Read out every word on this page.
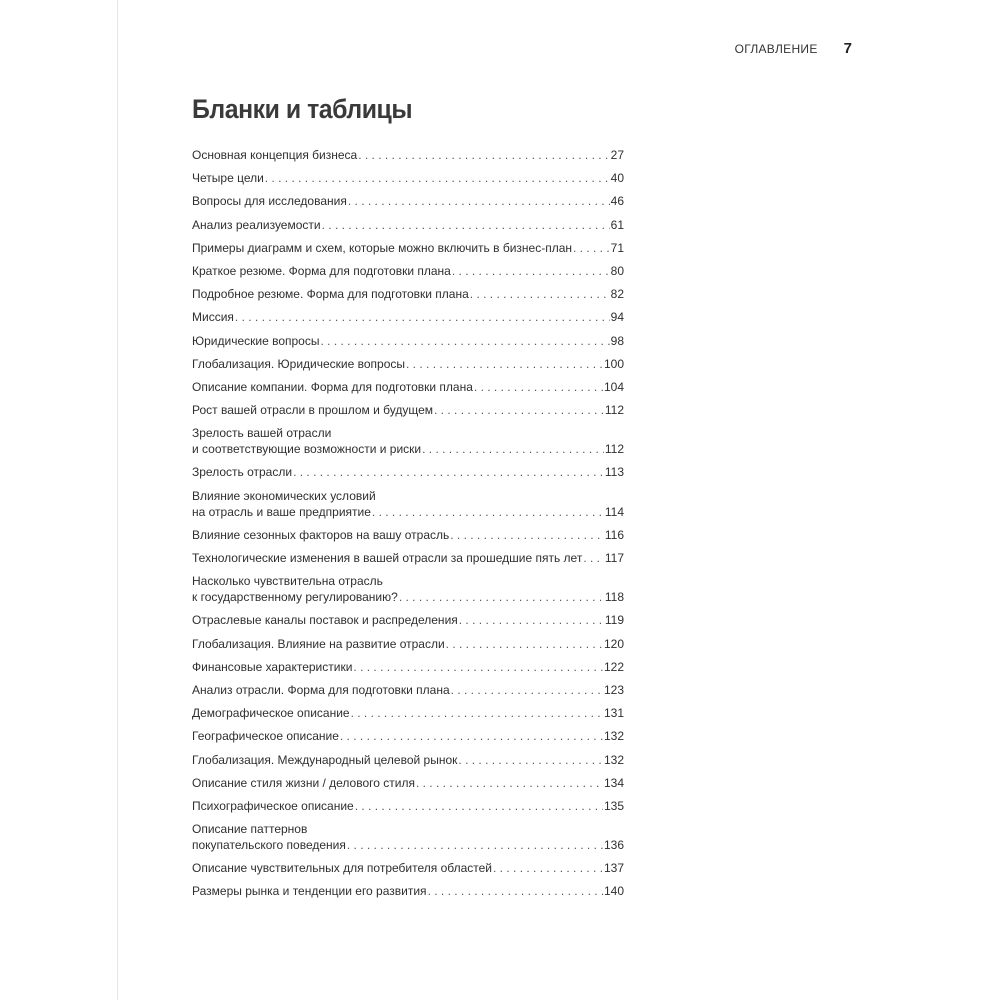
ОГЛАВЛЕНИЕ 7
Бланки и таблицы
Основная концепция бизнеса . . .	27
Четыре цели . . .	40
Вопросы для исследования . . .	46
Анализ реализуемости . . .	61
Примеры диаграмм и схем, которые можно включить в бизнес-план . . .	71
Краткое резюме. Форма для подготовки плана . . .	80
Подробное резюме. Форма для подготовки плана . . .	82
Миссия . . .	94
Юридические вопросы . . .	98
Глобализация. Юридические вопросы . . .	100
Описание компании. Форма для подготовки плана . . .	104
Рост вашей отрасли в прошлом и будущем . . .	112
Зрелость вашей отрасли
и соответствующие возможности и риски . . .	112
Зрелость отрасли . . .	113
Влияние экономических условий
на отрасль и ваше предприятие . . .	114
Влияние сезонных факторов на вашу отрасль . . .	116
Технологические изменения в вашей отрасли за прошедшие пять лет . . . 117
Насколько чувствительна отрасль
к государственному регулированию? . . .	118
Отраслевые каналы поставок и распределения . . .	119
Глобализация. Влияние на развитие отрасли . . .	120
Финансовые характеристики . . .	122
Анализ отрасли. Форма для подготовки плана . . .	123
Демографическое описание . . .	131
Географическое описание . . .	132
Глобализация. Международный целевой рынок . . .	132
Описание стиля жизни / делового стиля . . .	134
Психографическое описание . . .	135
Описание паттернов
покупательского поведения . . .	136
Описание чувствительных для потребителя областей . . .	137
Размеры рынка и тенденции его развития . . .	140
